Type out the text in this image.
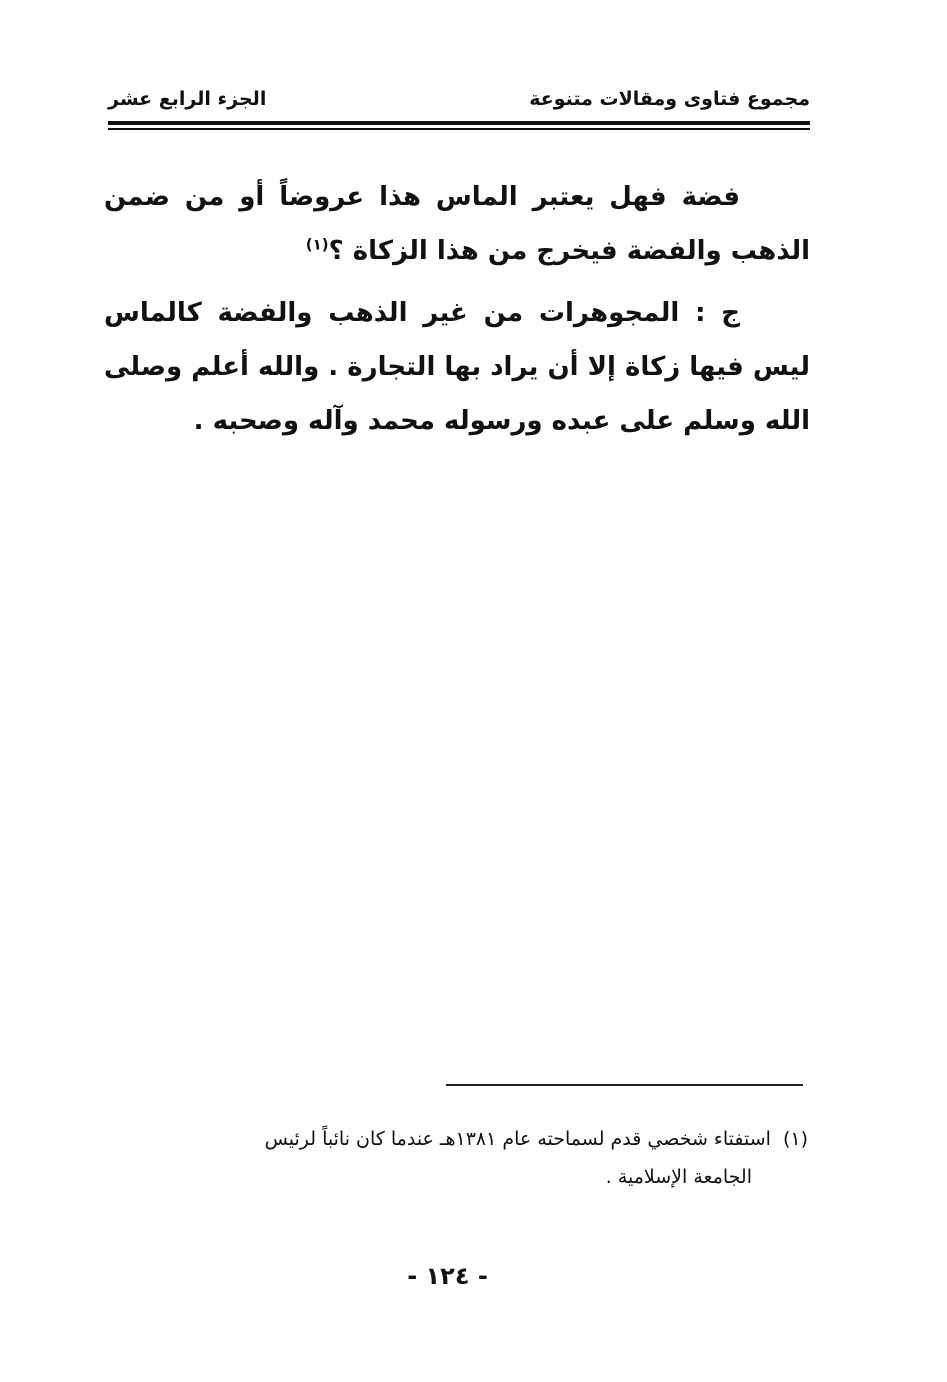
مجموع فتاوى ومقالات متنوعة
الجزء الرابع عشر

فضة فهل يعتبر الماس هذا عروضاً أو من ضمن الذهب والفضة فيخرج من هذا الزكاة ؟$^{(١)}$

ج : المجوهرات من غير الذهب والفضة كالماس ليس فيها زكاة إلا أن يراد بها التجارة . والله أعلم وصلى الله وسلم على عبده ورسوله محمد وآله وصحبه .

(١)استفتاء شخصي قدم لسماحته عام ١٣٨١هـ عندما كان نائباً لرئيس
الجامعة الإسلامية .
- ١٢٤ -
